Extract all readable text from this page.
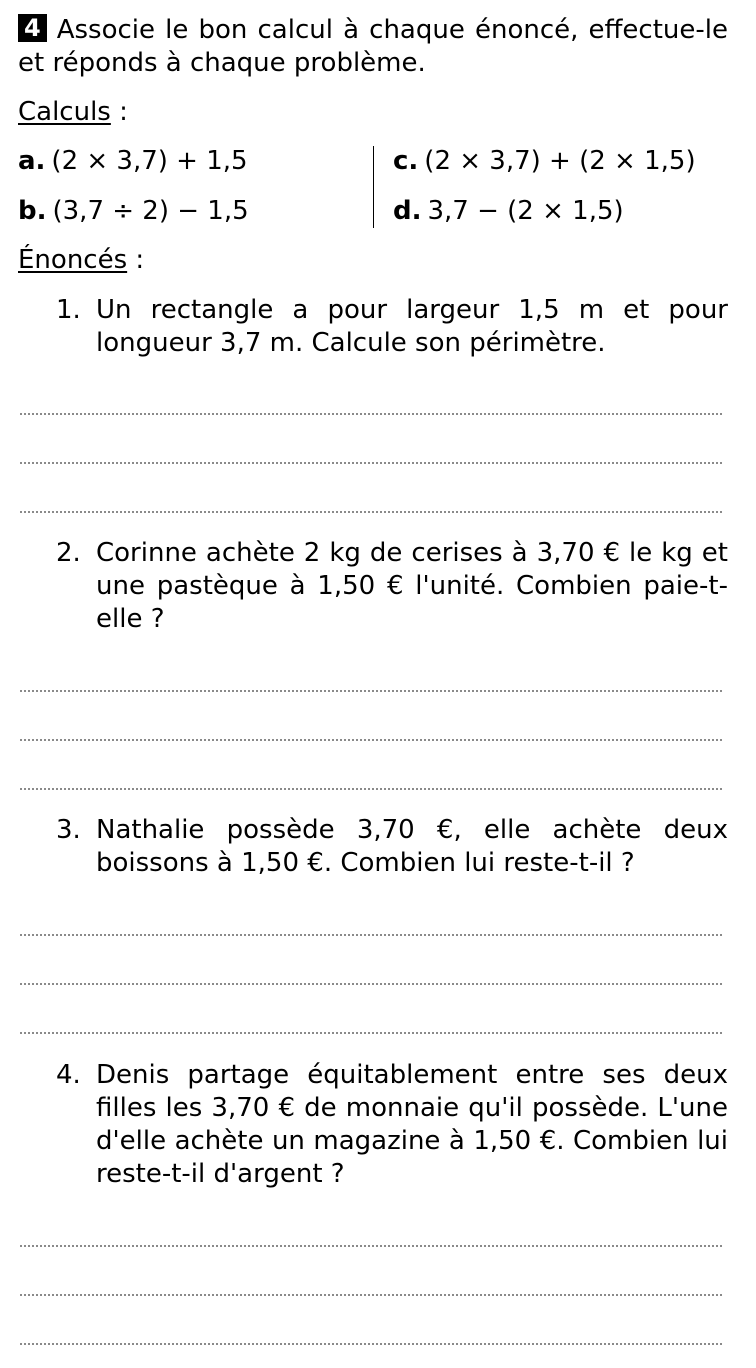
4 Associe le bon calcul à chaque énoncé, effectue-le et réponds à chaque problème.
Calculs :
a. (2 × 3,7) + 1,5
b. (3,7 ÷ 2) − 1,5
c. (2 × 3,7) + (2 × 1,5)
d. 3,7 − (2 × 1,5)
Énoncés :
1. Un rectangle a pour largeur 1,5 m et pour longueur 3,7 m. Calcule son périmètre.
2. Corinne achète 2 kg de cerises à 3,70 € le kg et une pastèque à 1,50 € l'unité. Combien paie-t-elle ?
3. Nathalie possède 3,70 €, elle achète deux boissons à 1,50 €. Combien lui reste-t-il ?
4. Denis partage équitablement entre ses deux filles les 3,70 € de monnaie qu'il possède. L'une d'elle achète un magazine à 1,50 €. Combien lui reste-t-il d'argent ?
